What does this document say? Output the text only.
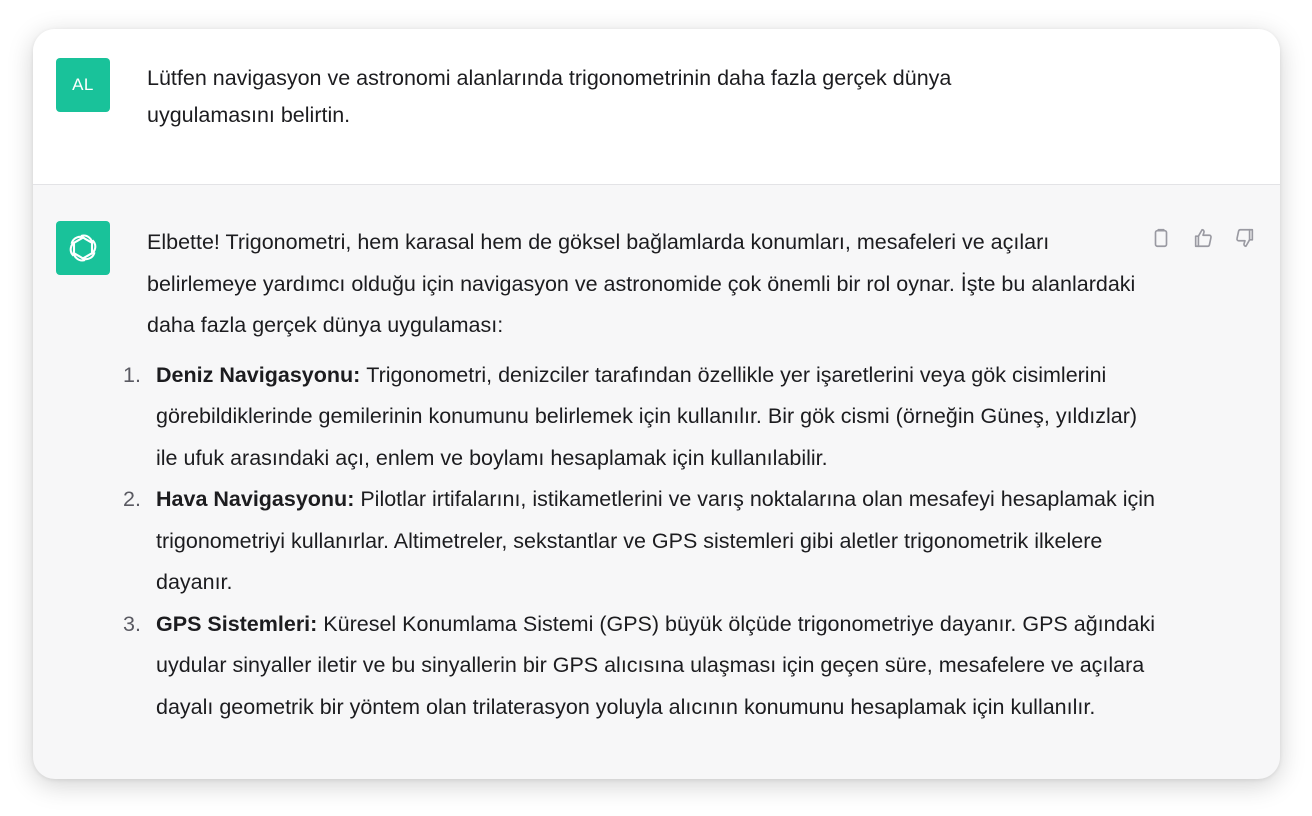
AL	Lütfen navigasyon ve astronomi alanlarında trigonometrinin daha fazla gerçek dünya uygulamasını belirtin.

Elbette! Trigonometri, hem karasal hem de göksel bağlamlarda konumları, mesafeleri ve açıları belirlemeye yardımcı olduğu için navigasyon ve astronomide çok önemli bir rol oynar. İşte bu alanlardaki daha fazla gerçek dünya uygulaması:

1. Deniz Navigasyonu: Trigonometri, denizciler tarafından özellikle yer işaretlerini veya gök cisimlerini görebildiklerinde gemilerinin konumunu belirlemek için kullanılır. Bir gök cismi (örneğin Güneş, yıldızlar) ile ufuk arasındaki açı, enlem ve boylamı hesaplamak için kullanılabilir.
2. Hava Navigasyonu: Pilotlar irtifalarını, istikametlerini ve varış noktalarına olan mesafeyi hesaplamak için trigonometriyi kullanırlar. Altimetreler, sekstantlar ve GPS sistemleri gibi aletler trigonometrik ilkelere dayanır.
3. GPS Sistemleri: Küresel Konumlama Sistemi (GPS) büyük ölçüde trigonometriye dayanır. GPS ağındaki uydular sinyaller iletir ve bu sinyallerin bir GPS alıcısına ulaşması için geçen süre, mesafelere ve açılara dayalı geometrik bir yöntem olan trilaterasyon yoluyla alıcının konumunu hesaplamak için kullanılır.
